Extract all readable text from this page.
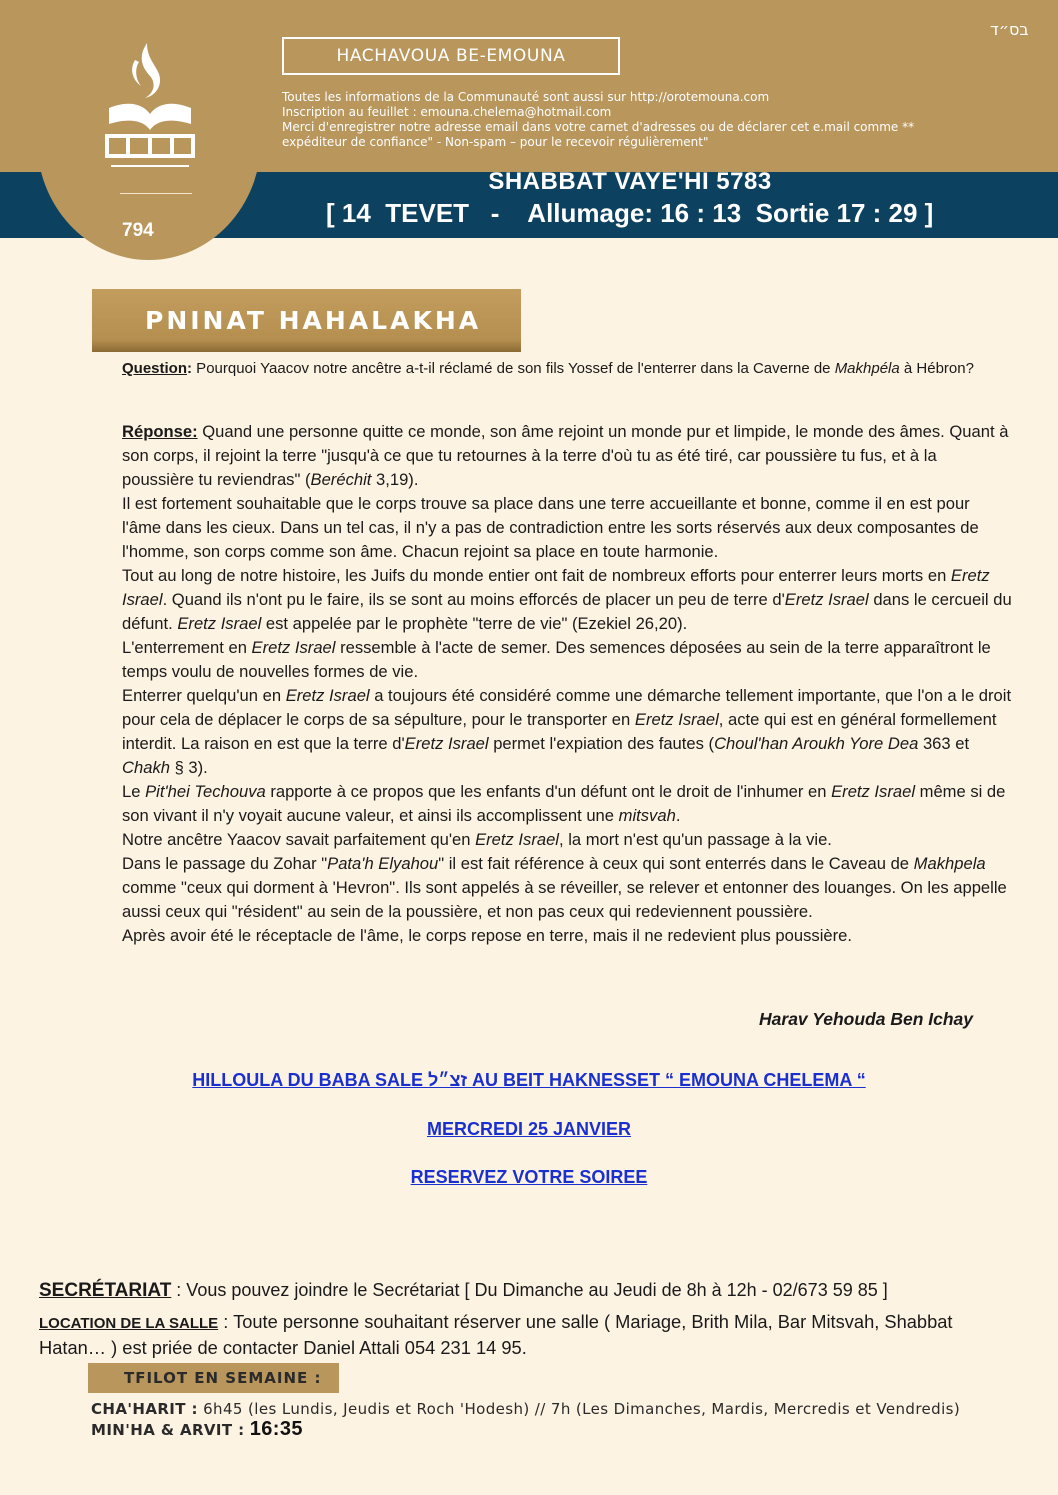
794
בס״ד
HACHAVOUA BE-EMOUNA
Toutes les informations de la Communauté sont aussi sur http://orotemouna.com
Inscription au feuillet : emouna.chelema@hotmail.com
Merci d'enregistrer notre adresse email dans votre carnet d'adresses ou de déclarer cet e.mail comme **
expéditeur de confiance" - Non-spam – pour le recevoir régulièrement"
SHABBAT VAYE'HI 5783
[ 14  TEVET   -    Allumage: 16 : 13  Sortie 17 : 29 ]
PNINAT HAHALAKHA
Question: Pourquoi Yaacov notre ancêtre a-t-il réclamé de son fils Yossef de l'enterrer dans la Caverne de Makhpéla à Hébron?

Réponse: Quand une personne quitte ce monde, son âme rejoint un monde pur et limpide, le monde des âmes. Quant à son corps, il rejoint la terre "jusqu'à ce que tu retournes à la terre d'où tu as été tiré, car poussière tu fus, et à la poussière tu reviendras" (Beréchit 3,19).

Il est fortement souhaitable que le corps trouve sa place dans une terre accueillante et bonne, comme il en est pour l'âme dans les cieux. Dans un tel cas, il n'y a pas de contradiction entre les sorts réservés aux deux composantes de l'homme, son corps comme son âme. Chacun rejoint sa place en toute harmonie.

Tout au long de notre histoire, les Juifs du monde entier ont fait de nombreux efforts pour enterrer leurs morts en Eretz Israel. Quand ils n'ont pu le faire, ils se sont au moins efforcés de placer un peu de terre d'Eretz Israel dans le cercueil du défunt. Eretz Israel est appelée par le prophète "terre de vie" (Ezekiel 26,20).

L'enterrement en Eretz Israel ressemble à l'acte de semer. Des semences déposées au sein de la terre apparaîtront le temps voulu de nouvelles formes de vie.

Enterrer quelqu'un en Eretz Israel a toujours été considéré comme une démarche tellement importante, que l'on a le droit pour cela de déplacer le corps de sa sépulture, pour le transporter en Eretz Israel, acte qui est en général formellement interdit. La raison en est que la terre d'Eretz Israel permet l'expiation des fautes (Choul'han Aroukh Yore Dea 363 et Chakh § 3).

Le Pit'hei Techouva rapporte à ce propos que les enfants d'un défunt ont le droit de l'inhumer en Eretz Israel même si de son vivant il n'y voyait aucune valeur, et ainsi ils accomplissent une mitsvah.

Notre ancêtre Yaacov savait parfaitement qu'en Eretz Israel, la mort n'est qu'un passage à la vie.

Dans le passage du Zohar "Pata'h Elyahou" il est fait référence à ceux qui sont enterrés dans le Caveau de Makhpela comme "ceux qui dorment à 'Hevron". Ils sont appelés à se réveiller, se relever et entonner des louanges. On les appelle aussi ceux qui "résident" au sein de la poussière, et non pas ceux qui redeviennent poussière.

Après avoir été le réceptacle de l'âme, le corps repose en terre, mais il ne redevient plus poussière.

Harav Yehouda Ben Ichay
HILLOULA DU BABA SALE זצ״ל AU BEIT HAKNESSET “ EMOUNA CHELEMA “
MERCREDI 25 JANVIER
RESERVEZ VOTRE SOIREE
SECRÉTARIAT : Vous pouvez joindre le Secrétariat [ Du Dimanche au Jeudi de 8h à 12h - 02/673 59 85 ]
LOCATION DE LA SALLE : Toute personne souhaitant réserver une salle ( Mariage, Brith Mila, Bar Mitsvah, Shabbat Hatan… ) est priée de contacter Daniel Attali 054 231 14 95.
TFILOT EN SEMAINE :
CHA'HARIT : 6h45 (les Lundis, Jeudis et Roch 'Hodesh) // 7h (Les Dimanches, Mardis, Mercredis et Vendredis)
MIN'HA & ARVIT : 16:35
